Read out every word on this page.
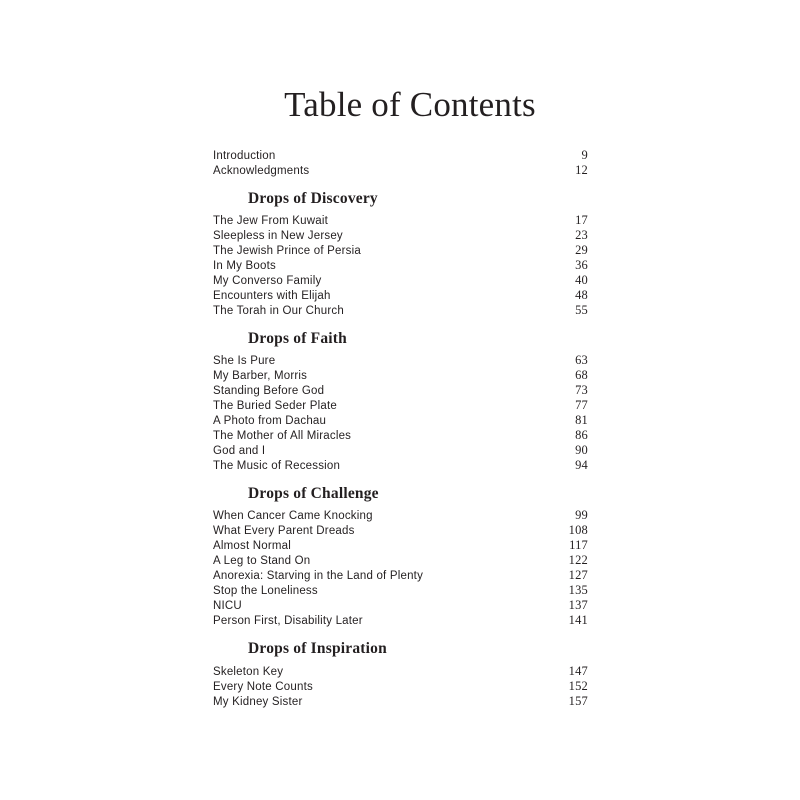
Table of Contents
Introduction	9
Acknowledgments	12
Drops of Discovery
The Jew From Kuwait	17
Sleepless in New Jersey	23
The Jewish Prince of Persia	29
In My Boots	36
My Converso Family	40
Encounters with Elijah	48
The Torah in Our Church	55
Drops of Faith
She Is Pure	63
My Barber, Morris	68
Standing Before God	73
The Buried Seder Plate	77
A Photo from Dachau	81
The Mother of All Miracles	86
God and I	90
The Music of Recession	94
Drops of Challenge
When Cancer Came Knocking	99
What Every Parent Dreads	108
Almost Normal	117
A Leg to Stand On	122
Anorexia: Starving in the Land of Plenty	127
Stop the Loneliness	135
NICU	137
Person First, Disability Later	141
Drops of Inspiration
Skeleton Key	147
Every Note Counts	152
My Kidney Sister	157
